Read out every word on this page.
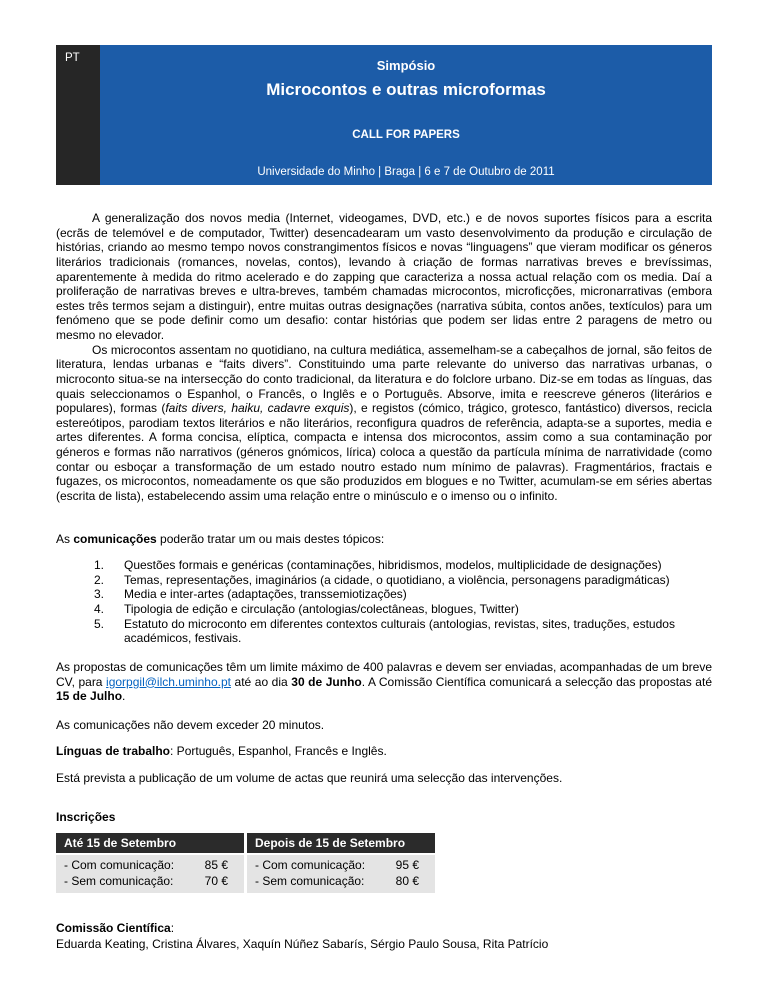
PT	Simpósio
Microcontos e outras microformas
CALL FOR PAPERS
Universidade do Minho | Braga | 6 e 7 de Outubro de 2011

A generalização dos novos media (Internet, videogames, DVD, etc.) e de novos suportes físicos para a escrita (ecrãs de telemóvel e de computador, Twitter) desencadearam um vasto desenvolvimento da produção e circulação de histórias, criando ao mesmo tempo novos constrangimentos físicos e novas “linguagens” que vieram modificar os géneros literários tradicionais (romances, novelas, contos), levando à criação de formas narrativas breves e brevíssimas, aparentemente à medida do ritmo acelerado e do zapping que caracteriza a nossa actual relação com os media. Daí a proliferação de narrativas breves e ultra-breves, também chamadas microcontos, microficções, micronarrativas (embora estes três termos sejam a distinguir), entre muitas outras designações (narrativa súbita, contos anões, textículos) para um fenómeno que se pode definir como um desafio: contar histórias que podem ser lidas entre 2 paragens de metro ou mesmo no elevador.

Os microcontos assentam no quotidiano, na cultura mediática, assemelham-se a cabeçalhos de jornal, são feitos de literatura, lendas urbanas e “faits divers”. Constituindo uma parte relevante do universo das narrativas urbanas, o microconto situa-se na intersecção do conto tradicional, da literatura e do folclore urbano. Diz-se em todas as línguas, das quais seleccionamos o Espanhol, o Francês, o Inglês e o Português. Absorve, imita e reescreve géneros (literários e populares), formas (faits divers, haiku, cadavre exquis), e registos (cómico, trágico, grotesco, fantástico) diversos, recicla estereótipos, parodiam textos literários e não literários, reconfigura quadros de referência, adapta-se a suportes, media e artes diferentes. A forma concisa, elíptica, compacta e intensa dos microcontos, assim como a sua contaminação por géneros e formas não narrativos (géneros gnómicos, lírica) coloca a questão da partícula mínima de narratividade (como contar ou esboçar a transformação de um estado noutro estado num mínimo de palavras). Fragmentários, fractais e fugazes, os microcontos, nomeadamente os que são produzidos em blogues e no Twitter, acumulam-se em séries abertas (escrita de lista), estabelecendo assim uma relação entre o minúsculo e o imenso ou o infinito.

As comunicações poderão tratar um ou mais destes tópicos:

1.	Questões formais e genéricas (contaminações, hibridismos, modelos, multiplicidade de designações)
2.	Temas, representações, imaginários (a cidade, o quotidiano, a violência, personagens paradigmáticas)
3.	Media e inter-artes (adaptações, transsemiotizações)
4.	Tipologia de edição e circulação (antologias/colectâneas, blogues, Twitter)
5.	Estatuto do microconto em diferentes contextos culturais (antologias, revistas, sites, traduções, estudos académicos, festivais.

As propostas de comunicações têm um limite máximo de 400 palavras e devem ser enviadas, acompanhadas de um breve CV, para igorpgil@ilch.uminho.pt até ao dia 30 de Junho. A Comissão Científica comunicará a selecção das propostas até 15 de Julho.

As comunicações não devem exceder 20 minutos.

Línguas de trabalho: Português, Espanhol, Francês e Inglês.

Está prevista a publicação de um volume de actas que reunirá uma selecção das intervenções.

Inscrições

Até 15 de Setembro
- Com comunicação:	85 €
- Sem comunicação:	70 €
Depois de 15 de Setembro
- Com comunicação:	95 €
- Sem comunicação:	80 €
Comissão Científica:
Eduarda Keating, Cristina Álvares, Xaquín Núñez Sabarís, Sérgio Paulo Sousa, Rita Patrício
